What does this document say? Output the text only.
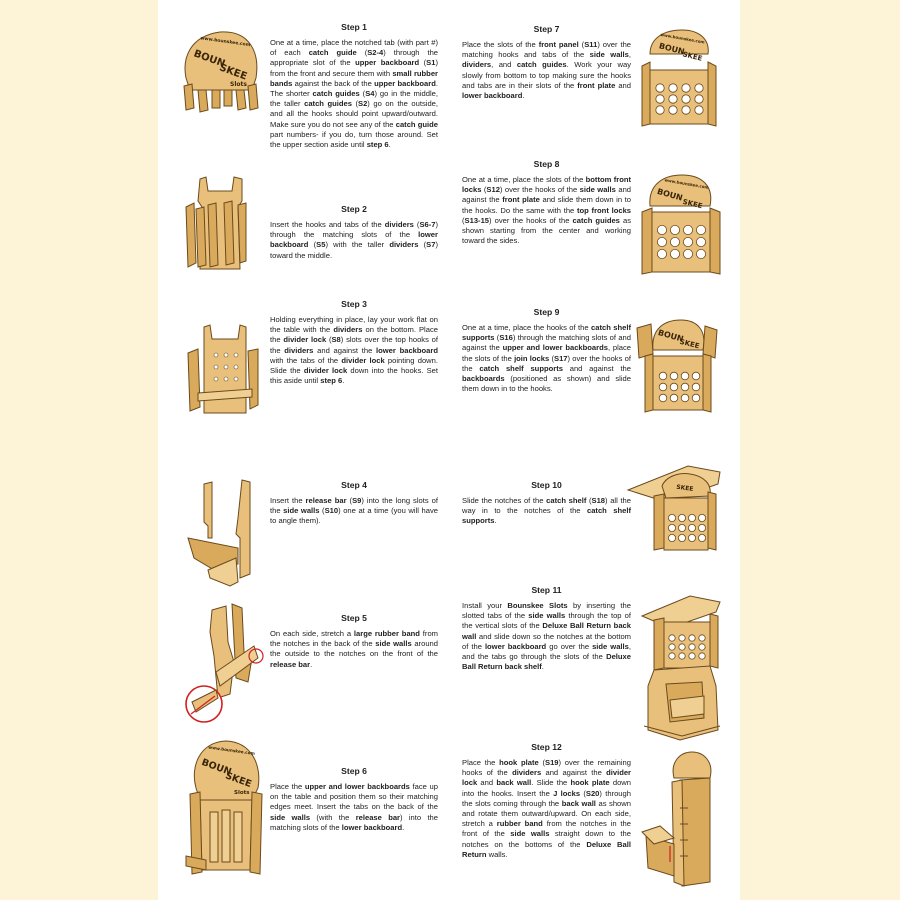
Step 1

One at a time, place the notched tab (with part #) of each catch guide (S2-4) through the appropriate slot of the upper backboard (S1) from the front and secure them with small rubber bands against the back of the upper backboard. The shorter catch guides (S4) go in the middle, the taller catch guides (S2) go on the outside, and all the hooks should point upward/outward. Make sure you do not see any of the catch guide part numbers- if you do, turn those around. Set the upper section aside until step 6.

Step 2

Insert the hooks and tabs of the dividers (S6-7) through the matching slots of the lower backboard (S5) with the taller dividers (S7) toward the middle.

Step 3

Holding everything in place, lay your work flat on the table with the dividers on the bottom. Place the divider lock (S8) slots over the top hooks of the dividers and against the lower backboard with the tabs of the divider lock pointing down. Slide the divider lock down into the hooks. Set this aside until step 6.

Step 4

Insert the release bar (S9) into the long slots of the side walls (S10) one at a time (you will have to angle them).

Step 5

On each side, stretch a large rubber band from the notches in the back of the side walls around the outside to the notches on the front of the release bar.

Step 6

Place the upper and lower backboards face up on the table and position them so their matching edges meet. Insert the tabs on the back of the side walls (with the release bar) into the matching slots of the lower backboard.

Step 7

Place the slots of the front panel (S11) over the matching hooks and tabs of the side walls, dividers, and catch guides. Work your way slowly from bottom to top making sure the hooks and tabs are in their slots of the front plate and lower backboard.

Step 8

One at a time, place the slots of the bottom front locks (S12) over the hooks of the side walls and against the front plate and slide them down in to the hooks. Do the same with the top front locks (S13-15) over the hooks of the catch guides as shown starting from the center and working toward the sides.

Step 9

One at a time, place the hooks of the catch shelf supports (S16) through the matching slots of and against the upper and lower backboards, place the slots of the join locks (S17) over the hooks of the catch shelf supports and against the backboards (positioned as shown) and slide them down in to the hooks.

Step 10

Slide the notches of the catch shelf (S18) all the way in to the notches of the catch shelf supports.

Step 11

Install your Bounskee Slots by inserting the slotted tabs of the side walls through the top of the vertical slots of the Deluxe Ball Return back wall and slide down so the notches at the bottom of the lower backboard go over the side walls, and the tabs go through the slots of the Deluxe Ball Return back shelf.

Step 12

Place the hook plate (S19) over the remaining hooks of the dividers and against the divider lock and back wall. Slide the hook plate down into the hooks. Insert the J locks (S20) through the slots coming through the back wall as shown and rotate them outward/upward. On each side, stretch a rubber band from the notches in the front of the side walls straight down to the notches on the bottoms of the Deluxe Ball Return walls.

www.bounskee.com
BOUN
SKEE
Slots
www.bounskee.com
BOUN
SKEE
Slots
www.bounskee.com
BOUN
SKEE
www.bounskee.com
BOUN
SKEE
BOUN
SKEE
SKEE
